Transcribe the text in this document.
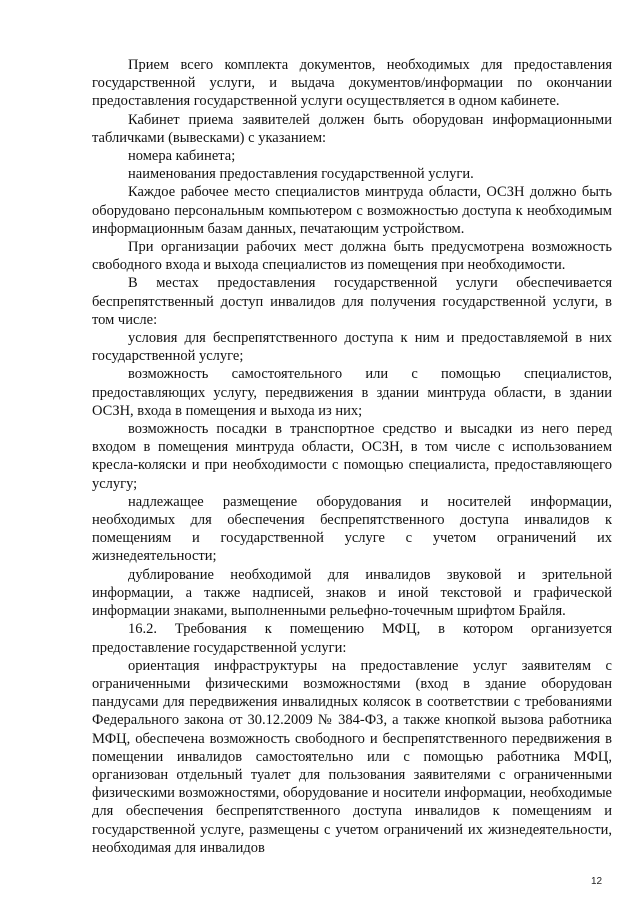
Прием всего комплекта документов, необходимых для предоставления государственной услуги, и выдача документов/информации по окончании предоставления государственной услуги осуществляется в одном кабинете.

Кабинет приема заявителей должен быть оборудован информационными табличками (вывесками) с указанием:

номера кабинета;

наименования предоставления государственной услуги.

Каждое рабочее место специалистов минтруда области, ОСЗН должно быть оборудовано персональным компьютером с возможностью доступа к необходимым информационным базам данных, печатающим устройством.

При организации рабочих мест должна быть предусмотрена возможность свободного входа и выхода специалистов из помещения при необходимости.

В местах предоставления государственной услуги обеспечивается беспрепятственный доступ инвалидов для получения государственной услуги, в том числе:

условия для беспрепятственного доступа к ним и предоставляемой в них государственной услуге;

возможность самостоятельного или с помощью специалистов, предоставляющих услугу, передвижения в здании минтруда области, в здании ОСЗН, входа в помещения и выхода из них;

возможность посадки в транспортное средство и высадки из него перед входом в помещения минтруда области, ОСЗН, в том числе с использованием кресла-коляски и при необходимости с помощью специалиста, предоставляющего услугу;

надлежащее размещение оборудования и носителей информации, необходимых для обеспечения беспрепятственного доступа инвалидов к помещениям и государственной услуге с учетом ограничений их жизнедеятельности;

дублирование необходимой для инвалидов звуковой и зрительной информации, а также надписей, знаков и иной текстовой и графической информации знаками, выполненными рельефно-точечным шрифтом Брайля.

16.2. Требования к помещению МФЦ, в котором организуется предоставление государственной услуги:

ориентация инфраструктуры на предоставление услуг заявителям с ограниченными физическими возможностями (вход в здание оборудован пандусами для передвижения инвалидных колясок в соответствии с требованиями Федерального закона от 30.12.2009 № 384-ФЗ, а также кнопкой вызова работника МФЦ, обеспечена возможность свободного и беспрепятственного передвижения в помещении инвалидов самостоятельно или с помощью работника МФЦ, организован отдельный туалет для пользования заявителями с ограниченными физическими возможностями, оборудование и носители информации, необходимые для обеспечения беспрепятственного доступа инвалидов к помещениям и государственной услуге, размещены с учетом ограничений их жизнедеятельности, необходимая для инвалидов

12
